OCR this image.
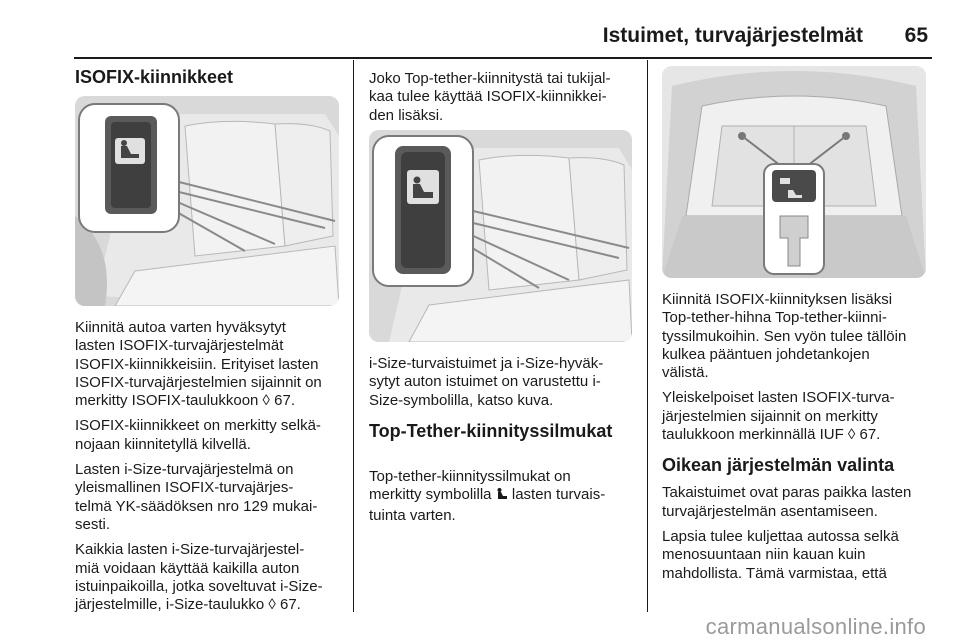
Istuimet, turvajärjestelmät 65
ISOFIX-kiinnikkeet

Kiinnitä autoa varten hyväksytyt
lasten ISOFIX-turvajärjestelmät
ISOFIX-kiinnikkeisiin. Erityiset lasten
ISOFIX-turvajärjestelmien sijainnit on
merkitty ISOFIX-taulukkoon ◊ 67.

ISOFIX-kiinnikkeet on merkitty selkä-
nojaan kiinnitetyllä kilvellä.

Lasten i-Size-turvajärjestelmä on
yleismallinen ISOFIX-turvajärjes-
telmä YK-säädöksen nro 129 mukai-
sesti.

Kaikkia lasten i-Size-turvajärjestel-
miä voidaan käyttää kaikilla auton
istuinpaikoilla, jotka soveltuvat i-Size-
järjestelmille, i-Size-taulukko ◊ 67.

Joko Top-tether-kiinnitystä tai tukijal-
kaa tulee käyttää ISOFIX-kiinnikkei-
den lisäksi.

i-Size-turvaistuimet ja i-Size-hyväk-
sytyt auton istuimet on varustettu i-
Size-symbolilla, katso kuva.

Top-Tether-kiinnityssilmukat

Top-tether-kiinnityssilmukat on
merkitty symbolilla  lasten turvais-
tuinta varten.

Kiinnitä ISOFIX-kiinnityksen lisäksi
Top-tether-hihna Top-tether-kiinni-
tyssilmukoihin. Sen vyön tulee tällöin
kulkea pääntuen johdetankojen
välistä.

Yleiskelpoiset lasten ISOFIX-turva-
järjestelmien sijainnit on merkitty
taulukkoon merkinnällä IUF ◊ 67.

Oikean järjestelmän valinta

Takaistuimet ovat paras paikka lasten
turvajärjestelmän asentamiseen.

Lapsia tulee kuljettaa autossa selkä
menosuuntaan niin kauan kuin
mahdollista. Tämä varmistaa, että

carmanualsonline.info
